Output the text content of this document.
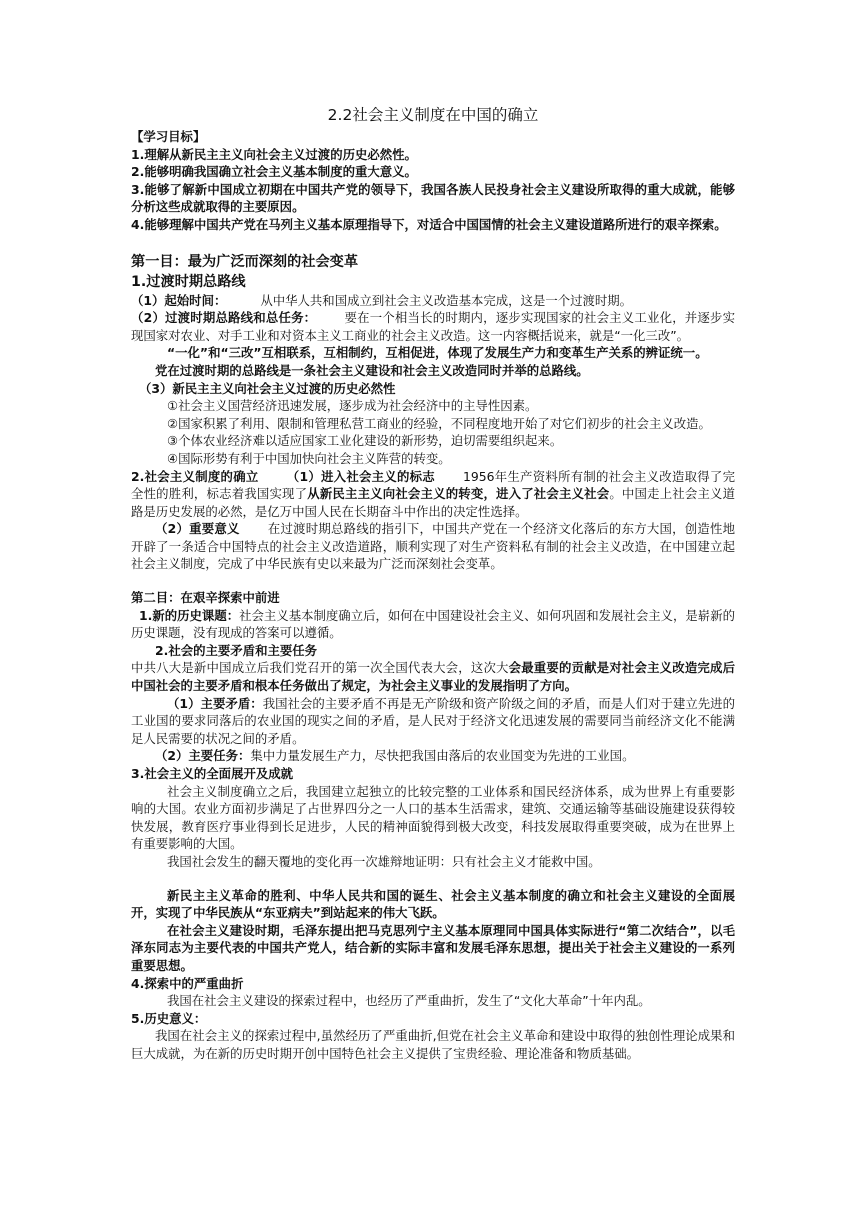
2.2社会主义制度在中国的确立
【学习目标】
1.理解从新民主主义向社会主义过渡的历史必然性。
2.能够明确我国确立社会主义基本制度的重大意义。
3.能够了解新中国成立初期在中国共产党的领导下，我国各族人民投身社会主义建设所取得的重大成就，能够分析这些成就取得的主要原因。
4.能够理解中国共产党在马列主义基本原理指导下，对适合中国国情的社会主义建设道路所进行的艰辛探索。
第一目：最为广泛而深刻的社会变革
1.过渡时期总路线
（1）起始时间：	从中华人共和国成立到社会主义改造基本完成，这是一个过渡时期。
（2）过渡时期总路线和总任务： 要在一个相当长的时期内，逐步实现国家的社会主义工业化，并逐步实现国家对农业、对手工业和对资本主义工商业的社会主义改造。这一内容概括说来，就是“一化三改”。
“一化”和“三改”互相联系，互相制约，互相促进，体现了发展生产力和变革生产关系的辨证统一。
党在过渡时期的总路线是一条社会主义建设和社会主义改造同时并举的总路线。
（3）新民主主义向社会主义过渡的历史必然性
①社会主义国营经济迅速发展，逐步成为社会经济中的主导性因素。
②国家积累了利用、限制和管理私营工商业的经验，不同程度地开始了对它们初步的社会主义改造。
③个体农业经济难以适应国家工业化建设的新形势，迫切需要组织起来。
④国际形势有利于中国加快向社会主义阵营的转变。
2.社会主义制度的确立 （1）进入社会主义的标志 1956年生产资料所有制的社会主义改造取得了完全性的胜利，标志着我国实现了从新民主主义向社会主义的转变，进入了社会主义社会。中国走上社会主义道路是历史发展的必然，是亿万中国人民在长期奋斗中作出的决定性选择。
（2）重要意义 在过渡时期总路线的指引下，中国共产党在一个经济文化落后的东方大国，创造性地开辟了一条适合中国特点的社会主义改造道路，顺利实现了对生产资料私有制的社会主义改造，在中国建立起社会主义制度，完成了中华民族有史以来最为广泛而深刻社会变革。
第二目：在艰辛探索中前进
1.新的历史课题：社会主义基本制度确立后，如何在中国建设社会主义、如何巩固和发展社会主义，是崭新的历史课题，没有现成的答案可以遵循。
2.社会的主要矛盾和主要任务
中共八大是新中国成立后我们党召开的第一次全国代表大会，这次大会最重要的贡献是对社会主义改造完成后中国社会的主要矛盾和根本任务做出了规定，为社会主义事业的发展指明了方向。
（1）主要矛盾：我国社会的主要矛盾不再是无产阶级和资产阶级之间的矛盾，而是人们对于建立先进的工业国的要求同落后的农业国的现实之间的矛盾，是人民对于经济文化迅速发展的需要同当前经济文化不能满足人民需要的状况之间的矛盾。
（2）主要任务：集中力量发展生产力，尽快把我国由落后的农业国变为先进的工业国。
3.社会主义的全面展开及成就
社会主义制度确立之后，我国建立起独立的比较完整的工业体系和国民经济体系，成为世界上有重要影响的大国。农业方面初步满足了占世界四分之一人口的基本生活需求，建筑、交通运输等基础设施建设获得较快发展，教育医疗事业得到长足进步，人民的精神面貌得到极大改变，科技发展取得重要突破，成为在世界上有重要影响的大国。
我国社会发生的翻天覆地的变化再一次雄辩地证明：只有社会主义才能救中国。
新民主主义革命的胜利、中华人民共和国的诞生、社会主义基本制度的确立和社会主义建设的全面展开，实现了中华民族从“东亚病夫”到站起来的伟大飞跃。
在社会主义建设时期，毛泽东提出把马克思列宁主义基本原理同中国具体实际进行“第二次结合”，以毛泽东同志为主要代表的中国共产党人，结合新的实际丰富和发展毛泽东思想，提出关于社会主义建设的一系列重要思想。
4.探索中的严重曲折
我国在社会主义建设的探索过程中，也经历了严重曲折，发生了“文化大革命”十年内乱。
5.历史意义：
我国在社会主义的探索过程中,虽然经历了严重曲折,但党在社会主义革命和建设中取得的独创性理论成果和巨大成就，为在新的历史时期开创中国特色社会主义提供了宝贵经验、理论准备和物质基础。
